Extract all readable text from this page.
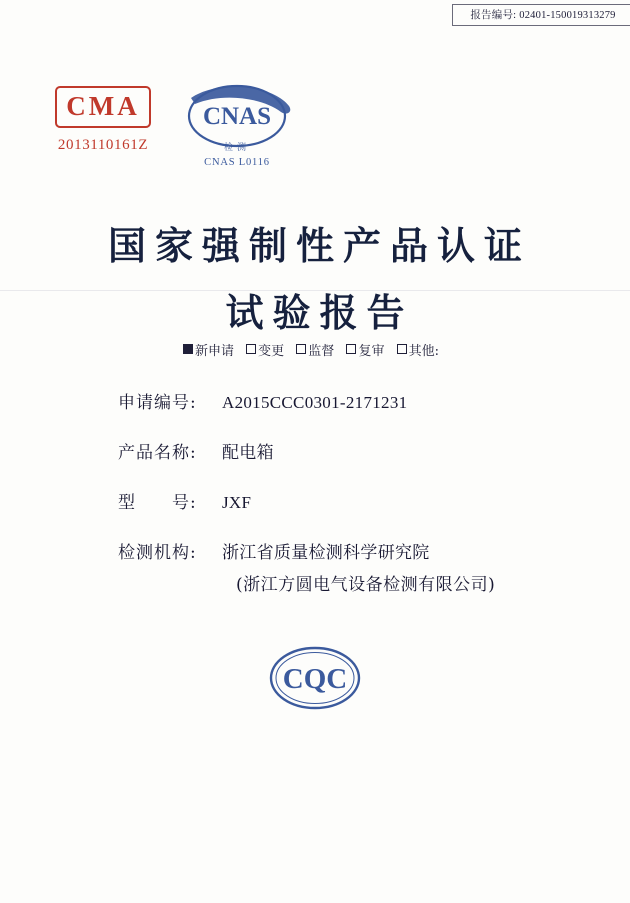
报告编号: 02401-150019313279
CMA
2013110161Z
CNAS
检测
CNAS L0116
国家强制性产品认证
试验报告
新申请 变更 监督 复审 其他:
申请编号:	A2015CCC0301-2171231
产品名称:	配电箱
型　　号:	JXF
检测机构:	浙江省质量检测科学研究院
(浙江方圆电气设备检测有限公司)
CQC
